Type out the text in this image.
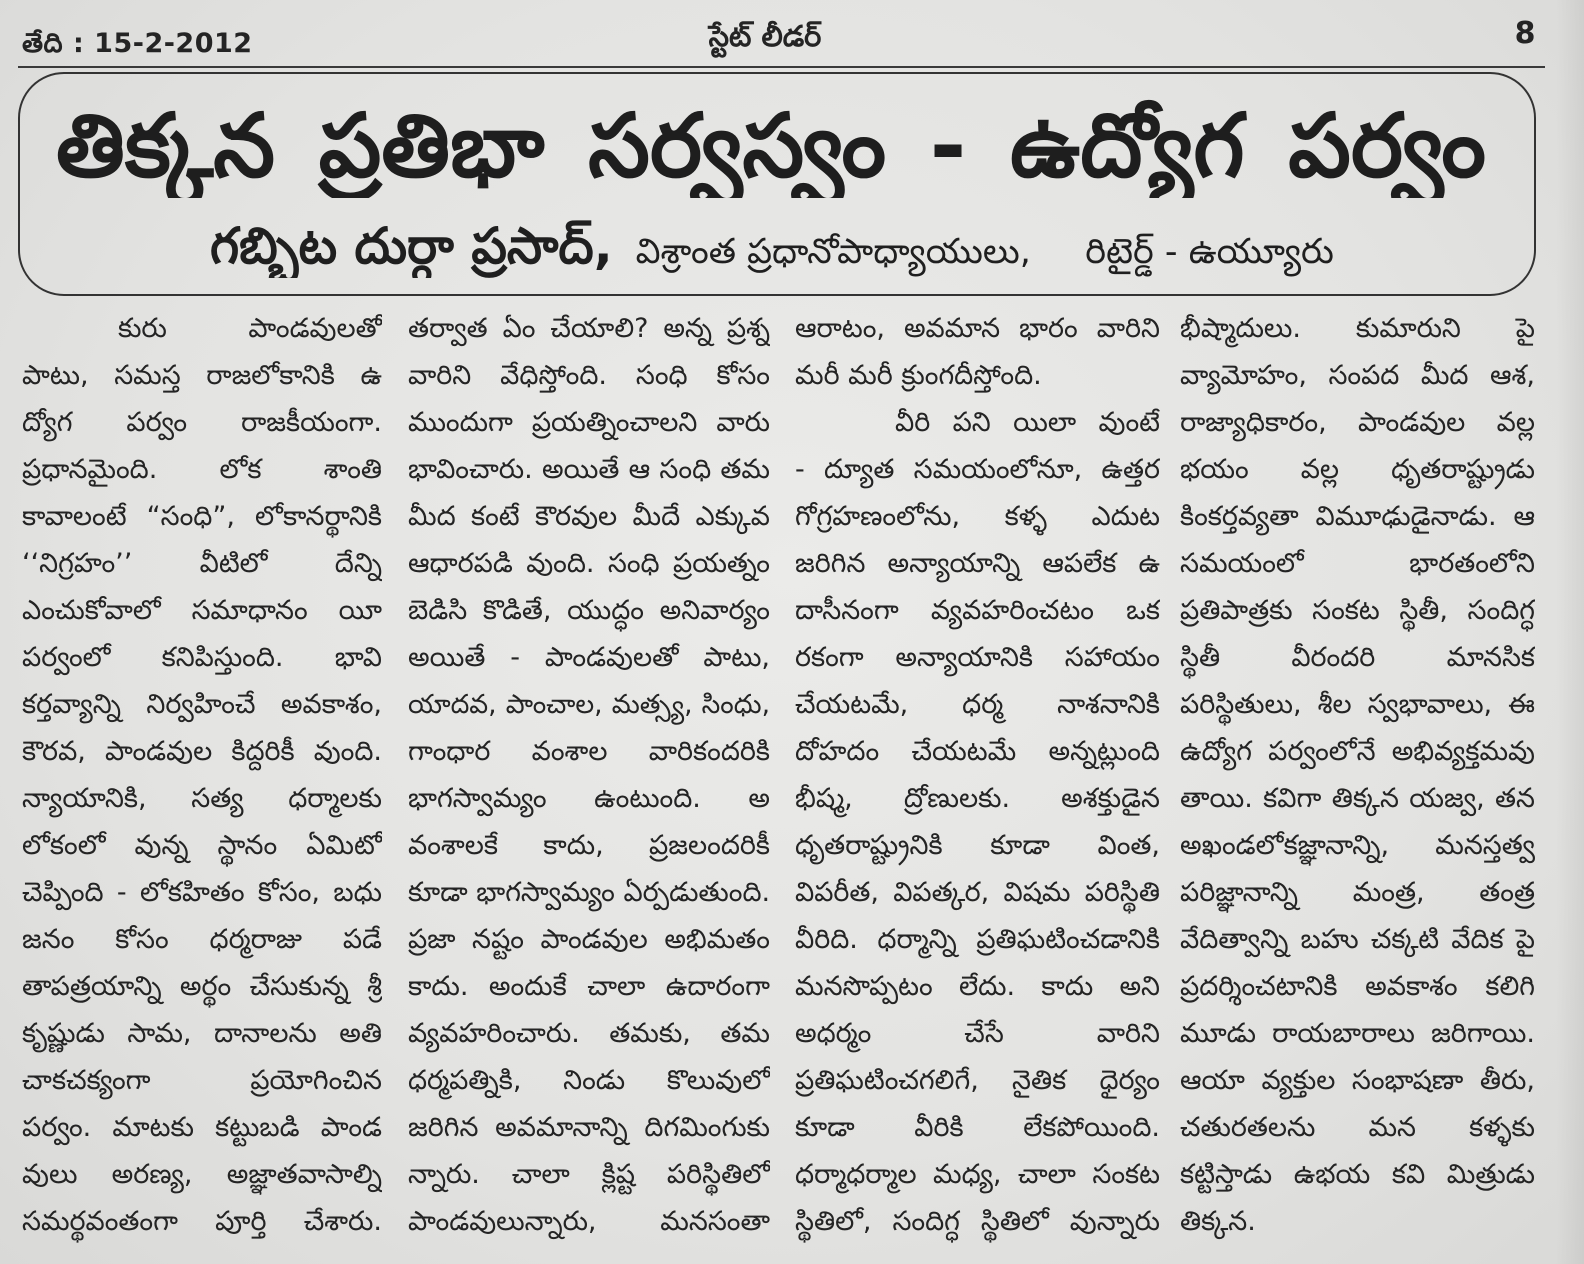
తేది : 15-2-2012	స్టేట్ లీడర్	8
తిక్కన ప్రతిభా సర్వస్వం - ఉద్యోగ పర్వం
గబ్బిట దుర్గా ప్రసాద్, విశ్రాంత ప్రధానోపాధ్యాయులు, రిటైర్డ్ - ఉయ్యూరు
కురు పాండవులతో
పాటు, సమస్త రాజలోకానికి ఉ
ద్యోగ పర్వం రాజకీయంగా.
ప్రధానమైంది. లోక శాంతి
కావాలంటే “సంధి”, లోకానర్థానికి
‘‘నిగ్రహం’’ వీటిలో దేన్ని
ఎంచుకోవాలో సమాధానం యీ
పర్వంలో కనిపిస్తుంది. భావి
కర్తవ్యాన్ని నిర్వహించే అవకాశం,
కౌరవ, పాండవుల కిద్దరికీ వుంది.
న్యాయానికి, సత్య ధర్మాలకు
లోకంలో వున్న స్థానం ఏమిటో
చెప్పింది - లోకహితం కోసం, బధు
జనం కోసం ధర్మరాజు పడే
తాపత్రయాన్ని అర్థం చేసుకున్న శ్రీ
కృష్ణుడు సామ, దానాలను అతి
చాకచక్యంగా ప్రయోగించిన
పర్వం. మాటకు కట్టుబడి పాండ
వులు అరణ్య, అజ్ఞాతవాసాల్ని
సమర్థవంతంగా పూర్తి చేశారు.
తర్వాత ఏం చేయాలి? అన్న ప్రశ్న
వారిని వేధిస్తోంది. సంధి కోసం
ముందుగా ప్రయత్నించాలని వారు
భావించారు. అయితే ఆ సంధి తమ
మీద కంటే కౌరవుల మీదే ఎక్కువ
ఆధారపడి వుంది. సంధి ప్రయత్నం
బెడిసి కొడితే, యుద్ధం అనివార్యం
అయితే - పాండవులతో పాటు,
యాదవ, పాంచాల, మత్స్య, సింధు,
గాంధార వంశాల వారికందరికి
భాగస్వామ్యం ఉంటుంది. అ
వంశాలకే కాదు, ప్రజలందరికీ
కూడా భాగస్వామ్యం ఏర్పడుతుంది.
ప్రజా నష్టం పాండవుల అభిమతం
కాదు. అందుకే చాలా ఉదారంగా
వ్యవహరించారు. తమకు, తమ
ధర్మపత్నికి, నిండు కొలువులో
జరిగిన అవమానాన్ని దిగమింగుకు
న్నారు. చాలా క్లిష్ట పరిస్థితిలో
పాండవులున్నారు, మనసంతా
ఆరాటం, అవమాన భారం వారిని
మరీ మరీ క్రుంగదీస్తోంది.
వీరి పని యిలా వుంటే
- ద్యూత సమయంలోనూ, ఉత్తర
గోగ్రహణంలోను, కళ్ళ ఎదుట
జరిగిన అన్యాయాన్ని ఆపలేక ఉ
దాసీనంగా వ్యవహరించటం ఒక
రకంగా అన్యాయానికి సహాయం
చేయటమే, ధర్మ నాశనానికి
దోహదం చేయటమే అన్నట్లుంది
భీష్మ, ద్రోణులకు. అశక్తుడైన
ధృతరాష్ట్రునికి కూడా వింత,
విపరీత, విపత్కర, విషమ పరిస్థితి
వీరిది. ధర్మాన్ని ప్రతిఘటించడానికి
మనసొప్పటం లేదు. కాదు అని
అధర్మం చేసే వారిని
ప్రతిఘటించగలిగే, నైతిక ధైర్యం
కూడా వీరికి లేకపోయింది.
ధర్మాధర్మాల మధ్య, చాలా సంకట
స్థితిలో, సందిగ్ధ స్థితిలో వున్నారు
భీష్మాదులు. కుమారుని పై
వ్యామోహం, సంపద మీద ఆశ,
రాజ్యాధికారం, పాండవుల వల్ల
భయం వల్ల ధృతరాష్ట్రుడు
కింకర్తవ్యతా విమూఢుడైనాడు. ఆ
సమయంలో భారతంలోని
ప్రతిపాత్రకు సంకట స్థితీ, సందిగ్ధ
స్థితీ వీరందరి మానసిక
పరిస్థితులు, శీల స్వభావాలు, ఈ
ఉద్యోగ పర్వంలోనే అభివ్యక్తమవు
తాయి. కవిగా తిక్కన యజ్వ, తన
అఖండలోకజ్ఞానాన్ని, మనస్తత్వ
పరిజ్ఞానాన్ని మంత్ర, తంత్ర
వేదిత్వాన్ని బహు చక్కటి వేదిక పై
ప్రదర్శించటానికి అవకాశం కలిగి
మూడు రాయబారాలు జరిగాయి.
ఆయా వ్యక్తుల సంభాషణా తీరు,
చతురతలను మన కళ్ళకు
కట్టిస్తాడు ఉభయ కవి మిత్రుడు
తిక్కన.
